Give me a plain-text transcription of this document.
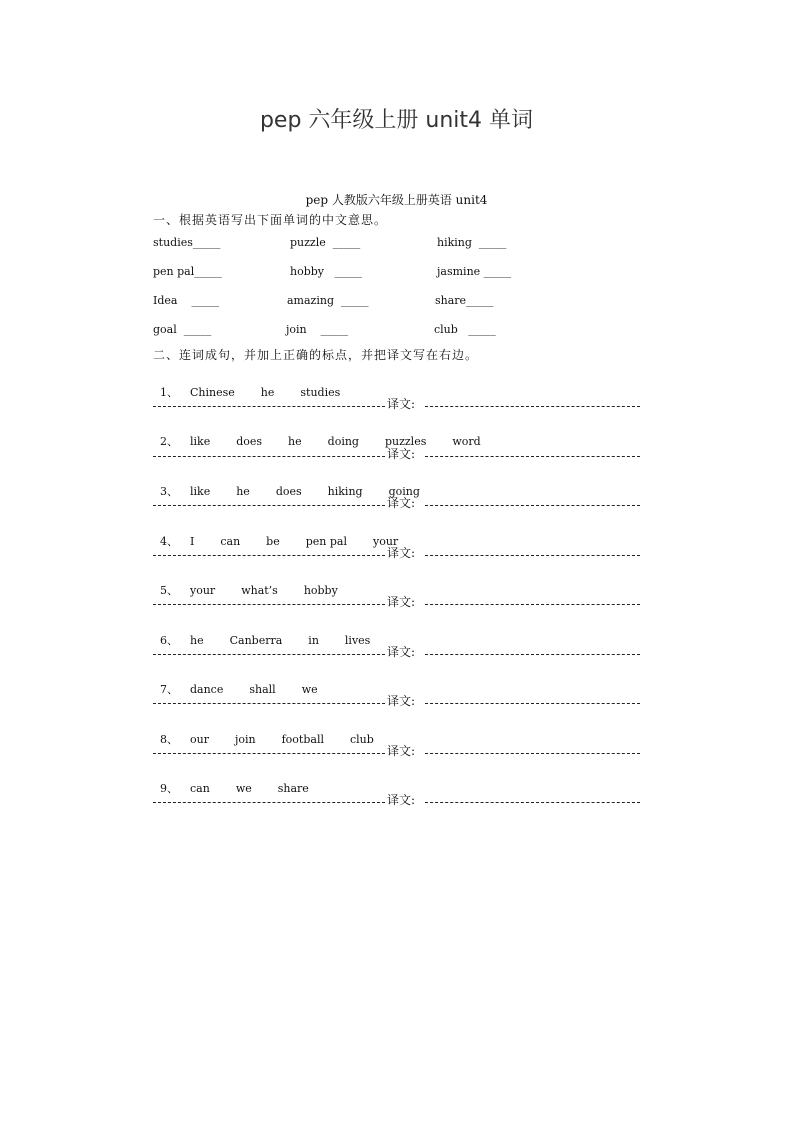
pep 六年级上册 unit4 单词
pep 人教版六年级上册英语 unit4
一、根据英语写出下面单词的中文意思。
studies_____	puzzle  _____	hiking  _____
pen pal_____	hobby   _____	jasmine _____
Idea    _____	amazing  _____	share_____
goal  _____	join    _____	club   _____
二、连词成句，并加上正确的标点，并把译文写在右边。

1、 Chinese he studies

译文:

2、 like does he doing puzzles word

译文:

3、 like he does hiking going

译文:

4、 I can be pen pal your

译文:

5、 your what’s hobby

译文:

6、 he Canberra in lives

译文:

7、 dance shall we

译文:

8、 our join football club

译文:

9、 can we share

译文:
